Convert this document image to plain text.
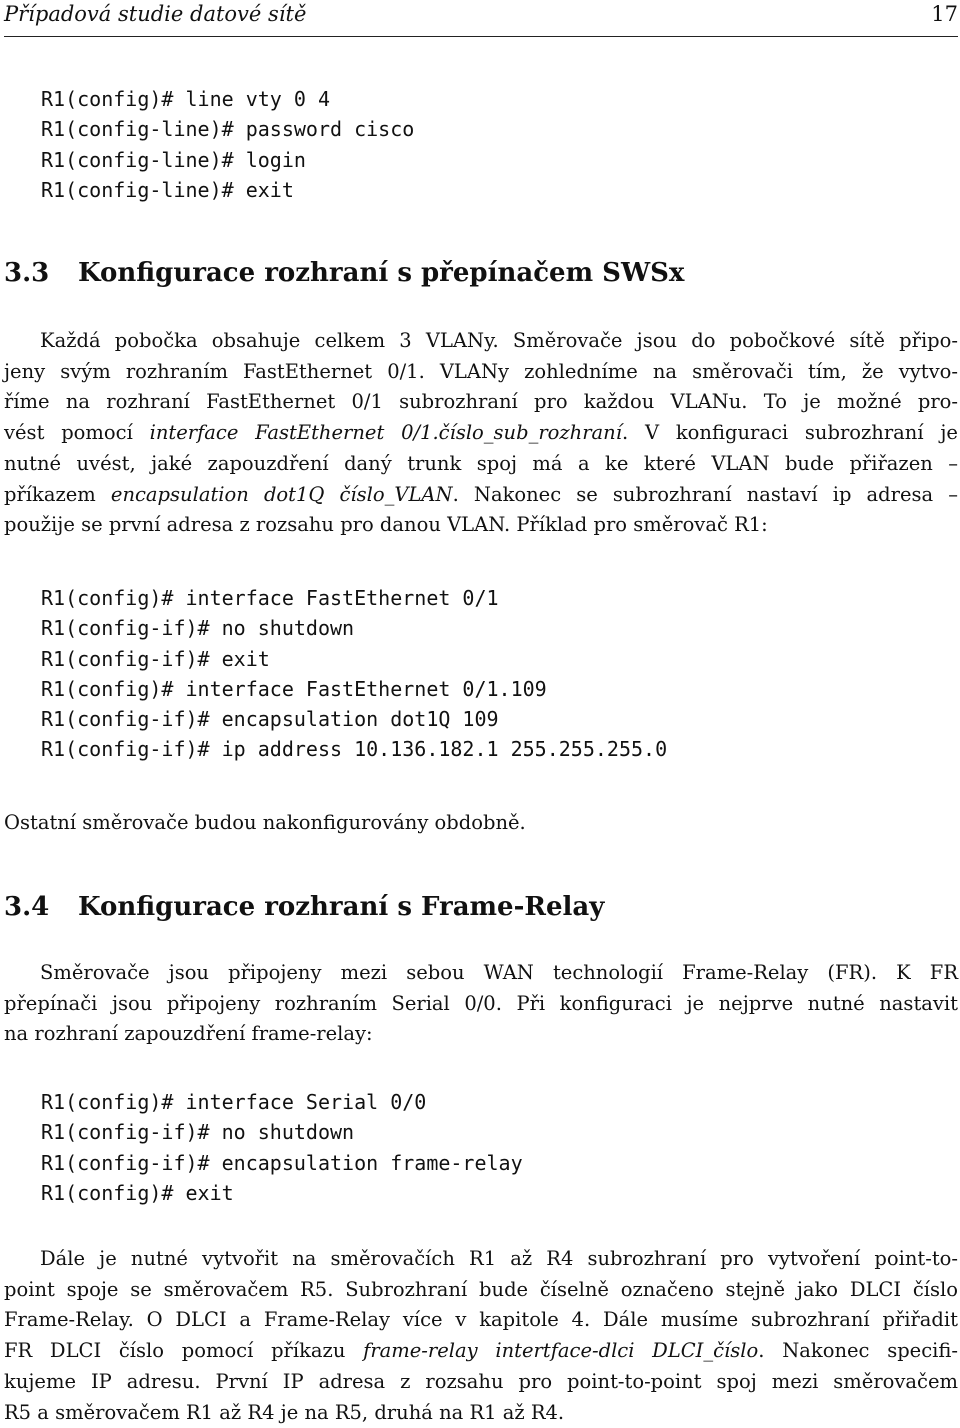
Případová studie datové sítě	17
R1(config)# line vty 0 4
R1(config-line)# password cisco
R1(config-line)# login
R1(config-line)# exit
3.3 Konfigurace rozhraní s přepínačem SWSx
Každá pobočka obsahuje celkem 3 VLANy. Směrovače jsou do pobočkové sítě připo-
jeny svým rozhraním FastEthernet 0/1. VLANy zohledníme na směrovači tím, že vytvo-
říme na rozhraní FastEthernet 0/1 subrozhraní pro každou VLANu. To je možné pro-
vést pomocí interface FastEthernet 0/1.číslo_sub_rozhraní. V konfiguraci subrozhraní je
nutné uvést, jaké zapouzdření daný trunk spoj má a ke které VLAN bude přiřazen –
příkazem encapsulation dot1Q číslo_VLAN. Nakonec se subrozhraní nastaví ip adresa –
použije se první adresa z rozsahu pro danou VLAN. Příklad pro směrovač R1:
R1(config)# interface FastEthernet 0/1
R1(config-if)# no shutdown
R1(config-if)# exit
R1(config)# interface FastEthernet 0/1.109
R1(config-if)# encapsulation dot1Q 109
R1(config-if)# ip address 10.136.182.1 255.255.255.0
Ostatní směrovače budou nakonfigurovány obdobně.
3.4 Konfigurace rozhraní s Frame-Relay
Směrovače jsou připojeny mezi sebou WAN technologií Frame-Relay (FR). K FR
přepínači jsou připojeny rozhraním Serial 0/0. Při konfiguraci je nejprve nutné nastavit
na rozhraní zapouzdření frame-relay:
R1(config)# interface Serial 0/0
R1(config-if)# no shutdown
R1(config-if)# encapsulation frame-relay
R1(config)# exit
Dále je nutné vytvořit na směrovačích R1 až R4 subrozhraní pro vytvoření point-to-
point spoje se směrovačem R5. Subrozhraní bude číselně označeno stejně jako DLCI číslo
Frame-Relay. O DLCI a Frame-Relay více v kapitole 4. Dále musíme subrozhraní přiřadit
FR DLCI číslo pomocí příkazu frame-relay intertface-dlci DLCI_číslo. Nakonec specifi-
kujeme IP adresu. První IP adresa z rozsahu pro point-to-point spoj mezi směrovačem
R5 a směrovačem R1 až R4 je na R5, druhá na R1 až R4.
